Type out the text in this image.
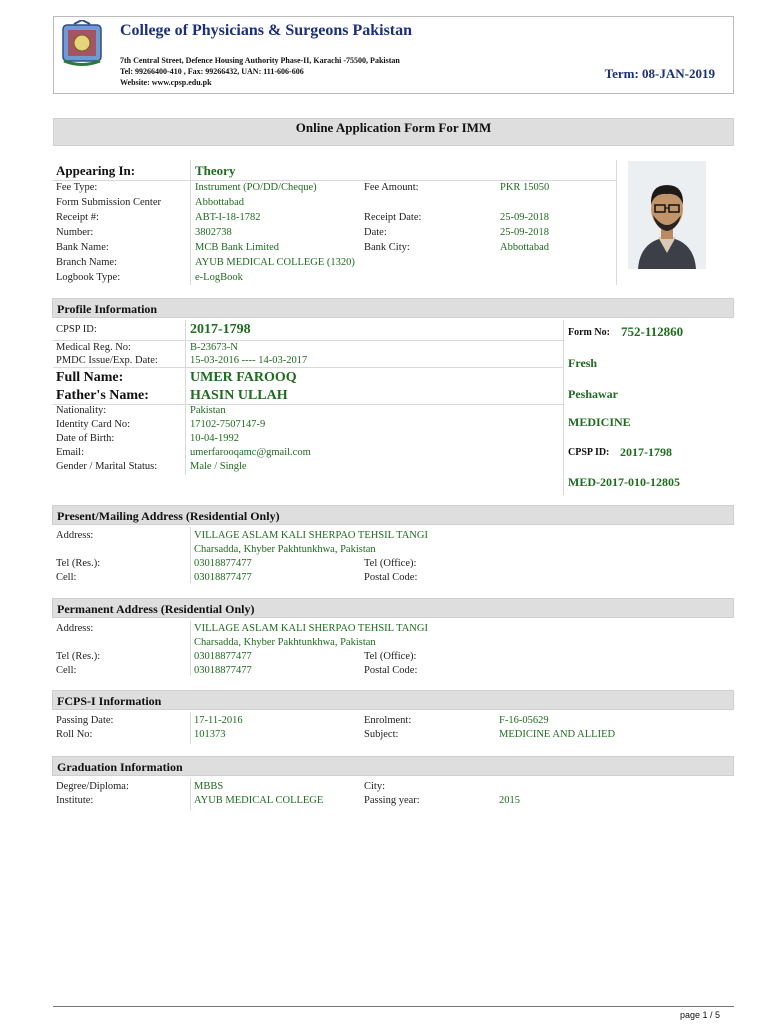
College of Physicians & Surgeons Pakistan
7th Central Street, Defence Housing Authority Phase-II, Karachi -75500, Pakistan
Tel: 99266400-410 , Fax: 99266432, UAN: 111-606-606
Website: www.cpsp.edu.pk
Term: 08-JAN-2019
Online Application Form For IMM
Appearing In:	Theory
Fee Type:	Instrument (PO/DD/Cheque)	Fee Amount:	PKR 15050
Form Submission Center	Abbottabad
Receipt #:	ABT-I-18-1782	Receipt Date:	25-09-2018
Number:	3802738	Date:	25-09-2018
Bank Name:	MCB Bank Limited	Bank City:	Abbottabad
Branch Name:	AYUB MEDICAL COLLEGE (1320)
Logbook Type:	e-LogBook
Profile Information
CPSP ID:	2017-1798
Medical Reg. No:	B-23673-N
PMDC Issue/Exp. Date:	15-03-2016 ---- 14-03-2017
Full Name:	UMER FAROOQ
Father's Name:	HASIN ULLAH
Nationality:	Pakistan
Identity Card No:	17102-7507147-9
Date of Birth:	10-04-1992
Email:	umerfarooqamc@gmail.com
Gender / Marital Status:	Male / Single
Form No: 752-112860
Fresh
Peshawar
MEDICINE
CPSP ID: 2017-1798
MED-2017-010-12805
Present/Mailing Address (Residential Only)
Address:	VILLAGE ASLAM KALI SHERPAO TEHSIL TANGI
Charsadda, Khyber Pakhtunkhwa, Pakistan
Tel (Res.):	03018877477	Tel (Office):
Cell:	03018877477	Postal Code:
Permanent Address (Residential Only)
Address:	VILLAGE ASLAM KALI SHERPAO TEHSIL TANGI
Charsadda, Khyber Pakhtunkhwa, Pakistan
Tel (Res.):	03018877477	Tel (Office):
Cell:	03018877477	Postal Code:
FCPS-I Information
Passing Date:	17-11-2016	Enrolment:	F-16-05629
Roll No:	101373	Subject:	MEDICINE AND ALLIED
Graduation Information
Degree/Diploma:	MBBS	City:
Institute:	AYUB MEDICAL COLLEGE	Passing year:	2015
page 1 / 5
